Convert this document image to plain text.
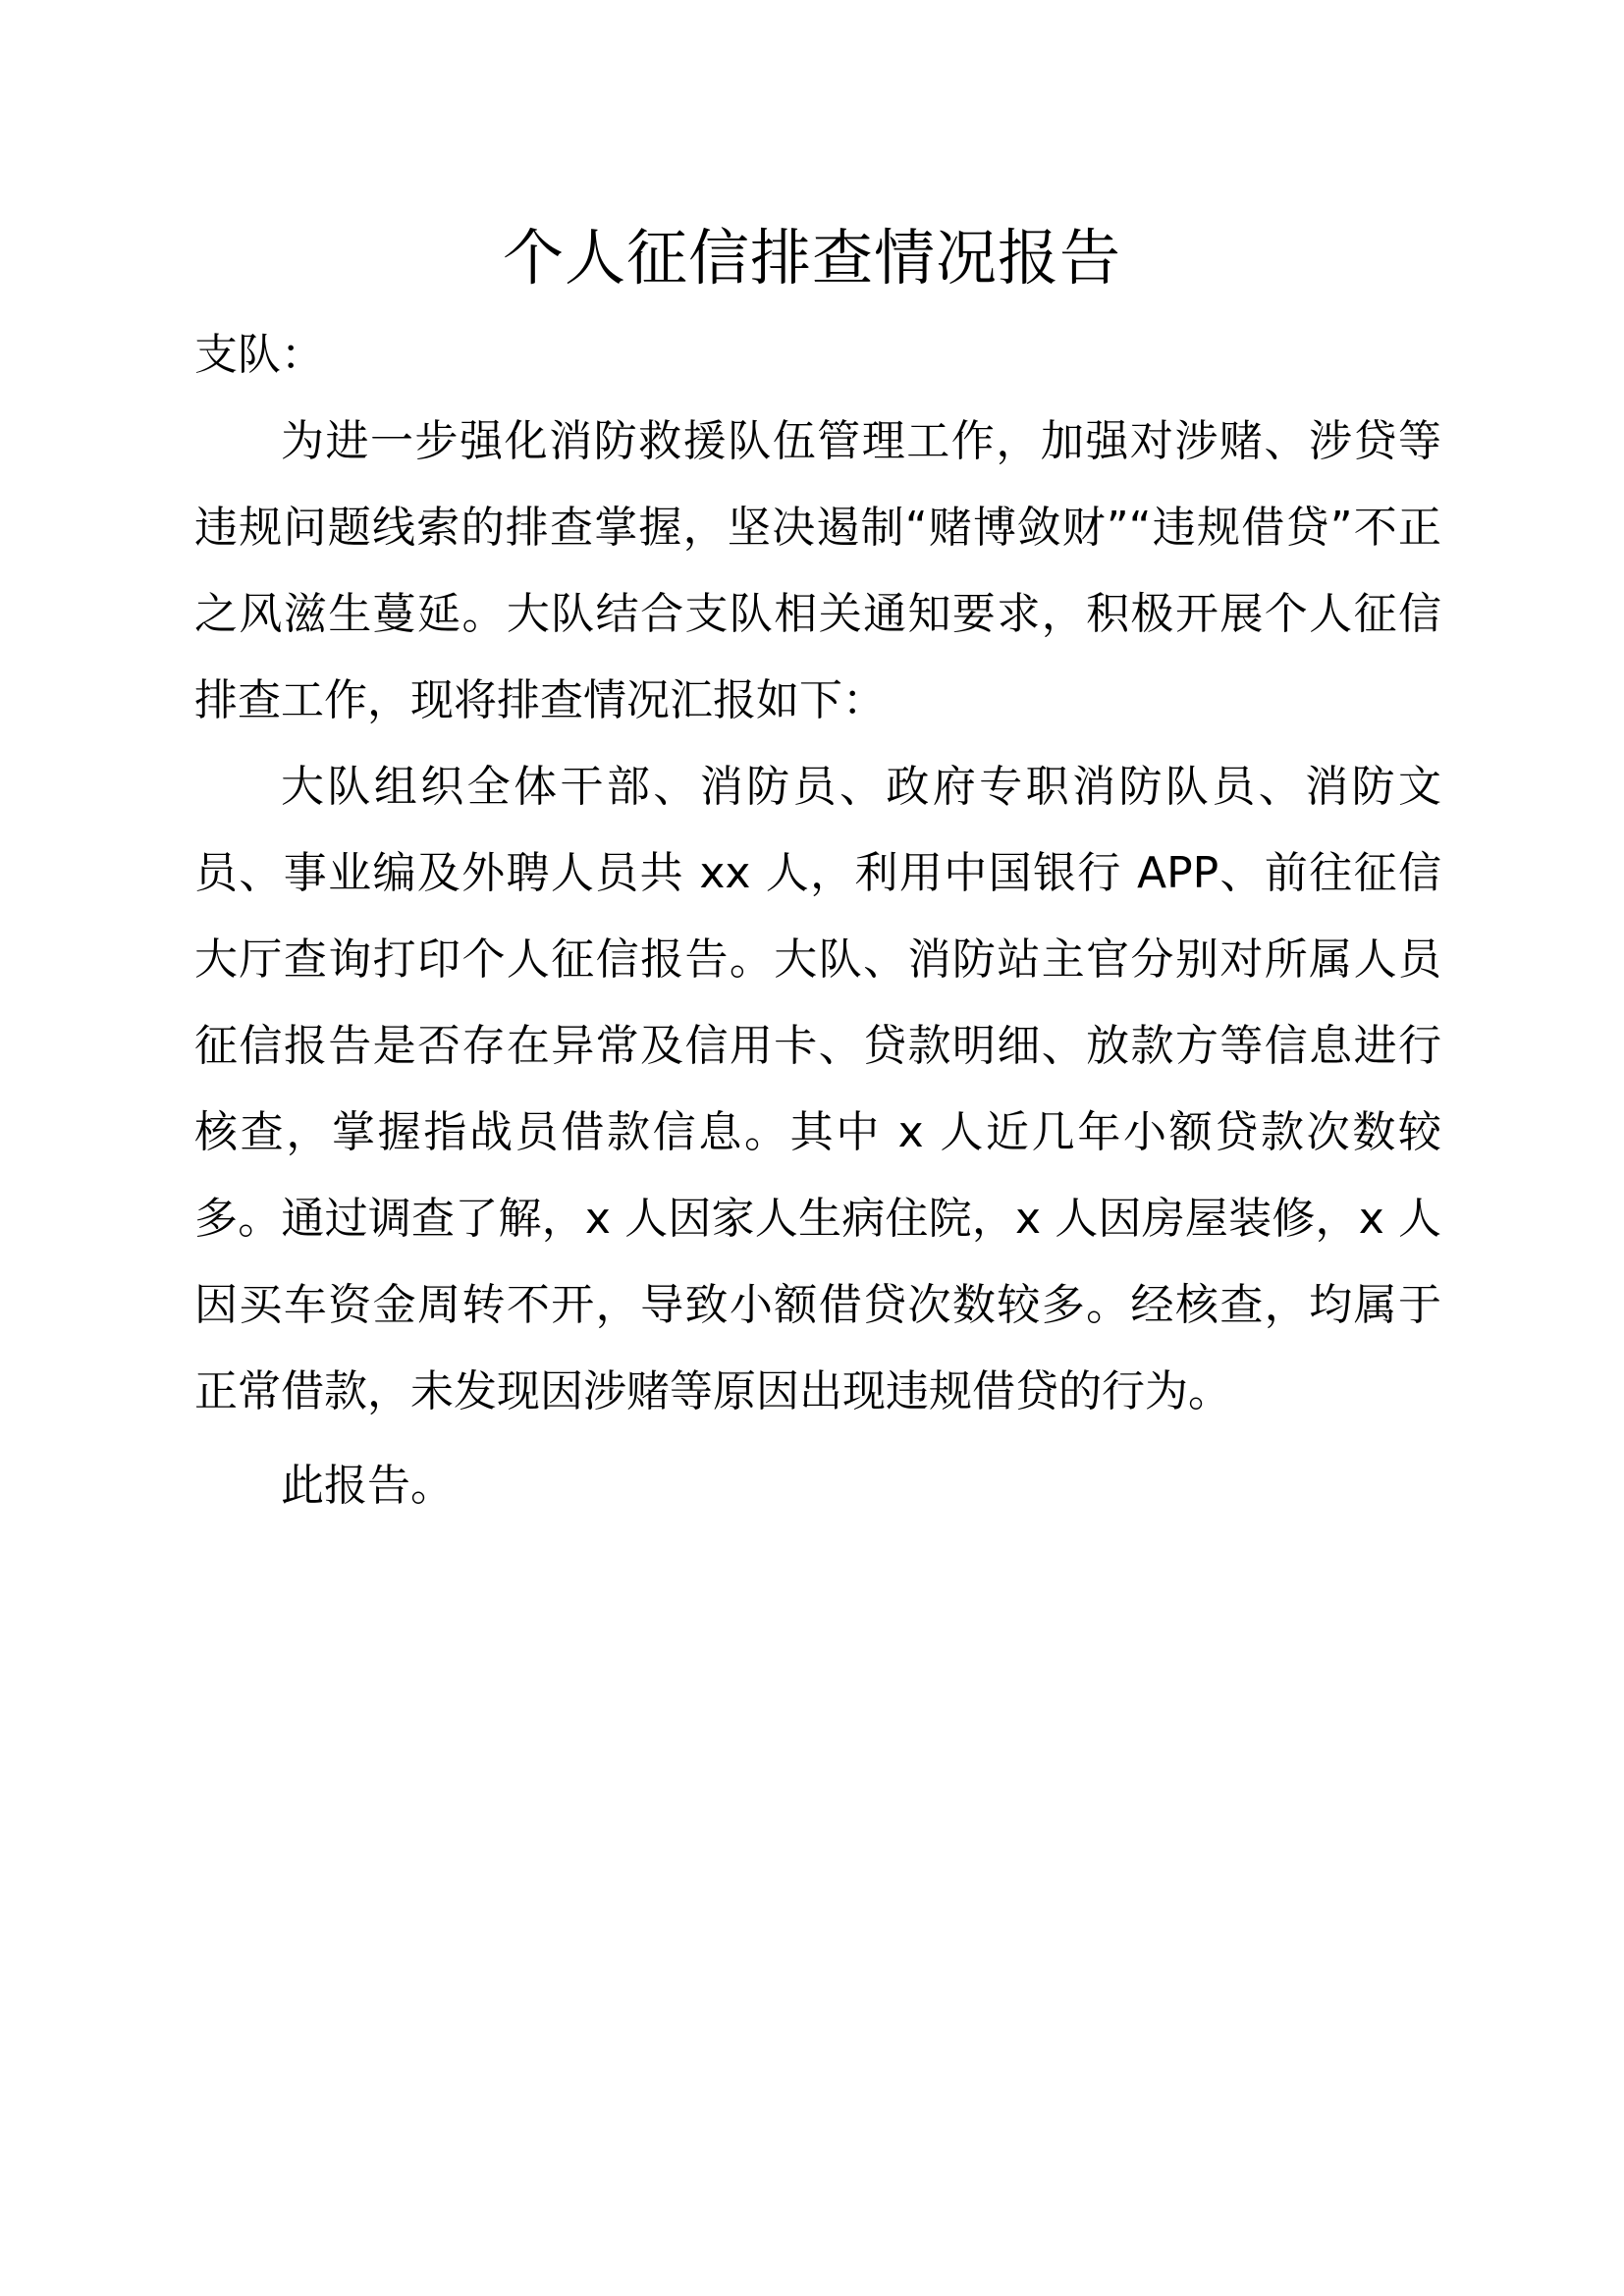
个人征信排查情况报告

支队：

为进一步强化消防救援队伍管理工作，加强对涉赌、涉贷等违规问题线索的排查掌握，坚决遏制“赌博敛财”“违规借贷”不正之风滋生蔓延。大队结合支队相关通知要求，积极开展个人征信排查工作，现将排查情况汇报如下：

大队组织全体干部、消防员、政府专职消防队员、消防文员、事业编及外聘人员共 xx 人，利用中国银行 APP、前往征信大厅查询打印个人征信报告。大队、消防站主官分别对所属人员征信报告是否存在异常及信用卡、贷款明细、放款方等信息进行核查，掌握指战员借款信息。其中 x 人近几年小额贷款次数较多。通过调查了解，x 人因家人生病住院，x 人因房屋装修，x 人因买车资金周转不开，导致小额借贷次数较多。经核查，均属于正常借款，未发现因涉赌等原因出现违规借贷的行为。

此报告。
